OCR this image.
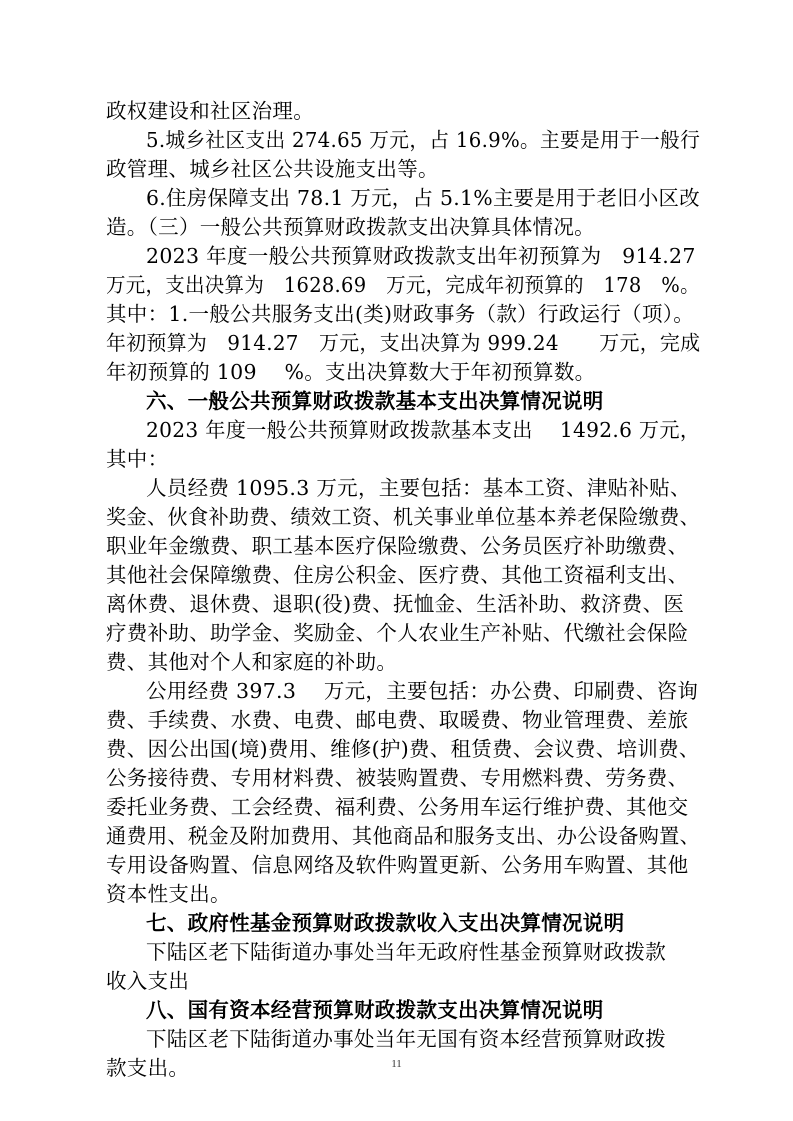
政权建设和社区治理。
5.城乡社区支出 274.65 万元，占 16.9%。主要是用于一般行
政管理、城乡社区公共设施支出等。
6.住房保障支出 78.1 万元，占 5.1%主要是用于老旧小区改
造。（三）一般公共预算财政拨款支出决算具体情况。
2023 年度一般公共预算财政拨款支出年初预算为　914.27
万元，支出决算为　1628.69　万元，完成年初预算的　178　%。
其中：1.一般公共服务支出(类)财政事务（款）行政运行（项）。
年初预算为　914.27　万元，支出决算为 999.24　　万元，完成
年初预算的 109　 %。支出决算数大于年初预算数。
六、一般公共预算财政拨款基本支出决算情况说明
2023 年度一般公共预算财政拨款基本支出　 1492.6 万元，
其中：
人员经费 1095.3 万元，主要包括：基本工资、津贴补贴、
奖金、伙食补助费、绩效工资、机关事业单位基本养老保险缴费、
职业年金缴费、职工基本医疗保险缴费、公务员医疗补助缴费、
其他社会保障缴费、住房公积金、医疗费、其他工资福利支出、
离休费、退休费、退职(役)费、抚恤金、生活补助、救济费、医
疗费补助、助学金、奖励金、个人农业生产补贴、代缴社会保险
费、其他对个人和家庭的补助。
公用经费 397.3　 万元，主要包括：办公费、印刷费、咨询
费、手续费、水费、电费、邮电费、取暖费、物业管理费、差旅
费、因公出国(境)费用、维修(护)费、租赁费、会议费、培训费、
公务接待费、专用材料费、被装购置费、专用燃料费、劳务费、
委托业务费、工会经费、福利费、公务用车运行维护费、其他交
通费用、税金及附加费用、其他商品和服务支出、办公设备购置、
专用设备购置、信息网络及软件购置更新、公务用车购置、其他
资本性支出。
七、政府性基金预算财政拨款收入支出决算情况说明
下陆区老下陆街道办事处当年无政府性基金预算财政拨款
收入支出
八、国有资本经营预算财政拨款支出决算情况说明
下陆区老下陆街道办事处当年无国有资本经营预算财政拨
款支出。	11
